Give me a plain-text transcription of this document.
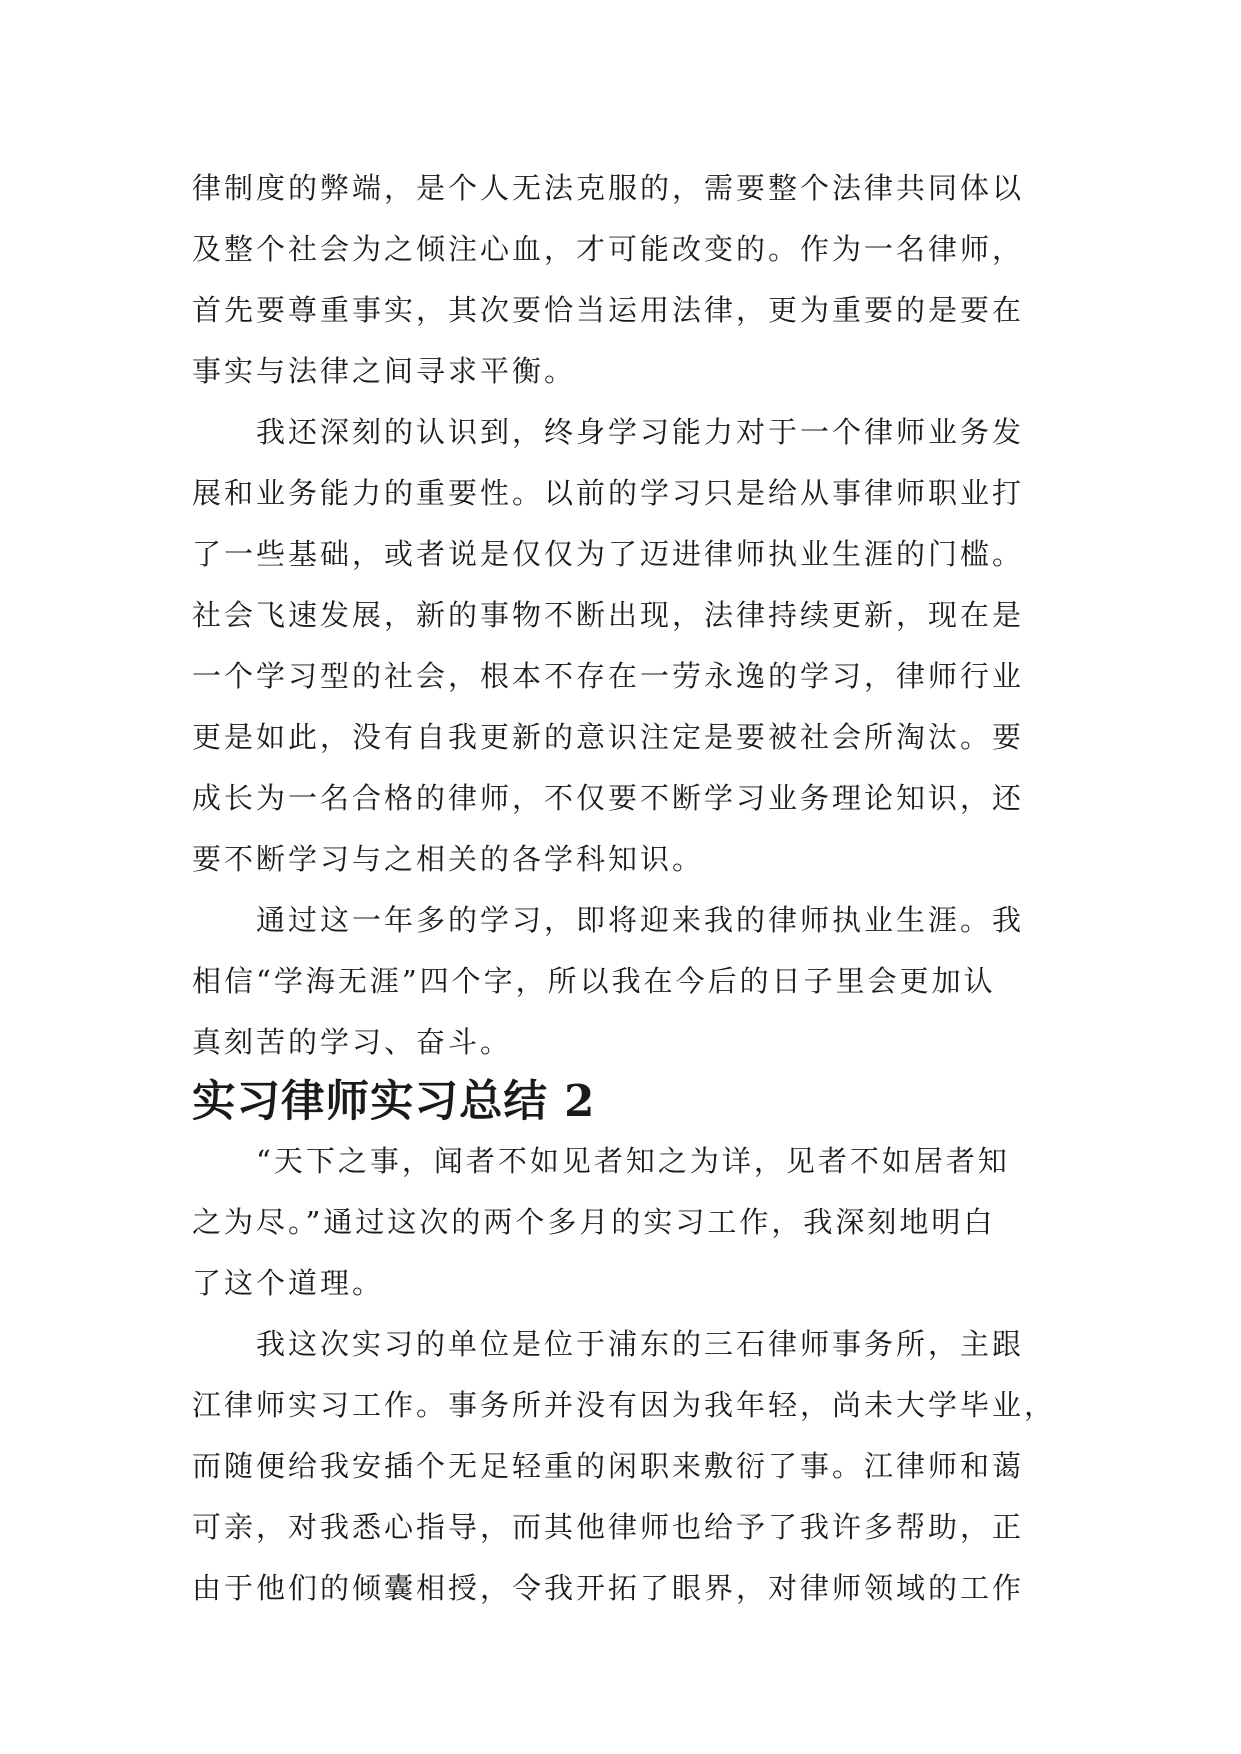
律制度的弊端，是个人无法克服的，需要整个法律共同体以
及整个社会为之倾注心血，才可能改变的。作为一名律师，
首先要尊重事实，其次要恰当运用法律，更为重要的是要在
事实与法律之间寻求平衡。

我还深刻的认识到，终身学习能力对于一个律师业务发
展和业务能力的重要性。以前的学习只是给从事律师职业打
了一些基础，或者说是仅仅为了迈进律师执业生涯的门槛。
社会飞速发展，新的事物不断出现，法律持续更新，现在是
一个学习型的社会，根本不存在一劳永逸的学习，律师行业
更是如此，没有自我更新的意识注定是要被社会所淘汰。要
成长为一名合格的律师，不仅要不断学习业务理论知识，还
要不断学习与之相关的各学科知识。

通过这一年多的学习，即将迎来我的律师执业生涯。我
相信“学海无涯”四个字，所以我在今后的日子里会更加认
真刻苦的学习、奋斗。

实习律师实习总结 2

“天下之事，闻者不如见者知之为详，见者不如居者知
之为尽。”通过这次的两个多月的实习工作，我深刻地明白
了这个道理。

我这次实习的单位是位于浦东的三石律师事务所，主跟
江律师实习工作。事务所并没有因为我年轻，尚未大学毕业，
而随便给我安插个无足轻重的闲职来敷衍了事。江律师和蔼
可亲，对我悉心指导，而其他律师也给予了我许多帮助，正
由于他们的倾囊相授，令我开拓了眼界，对律师领域的工作
